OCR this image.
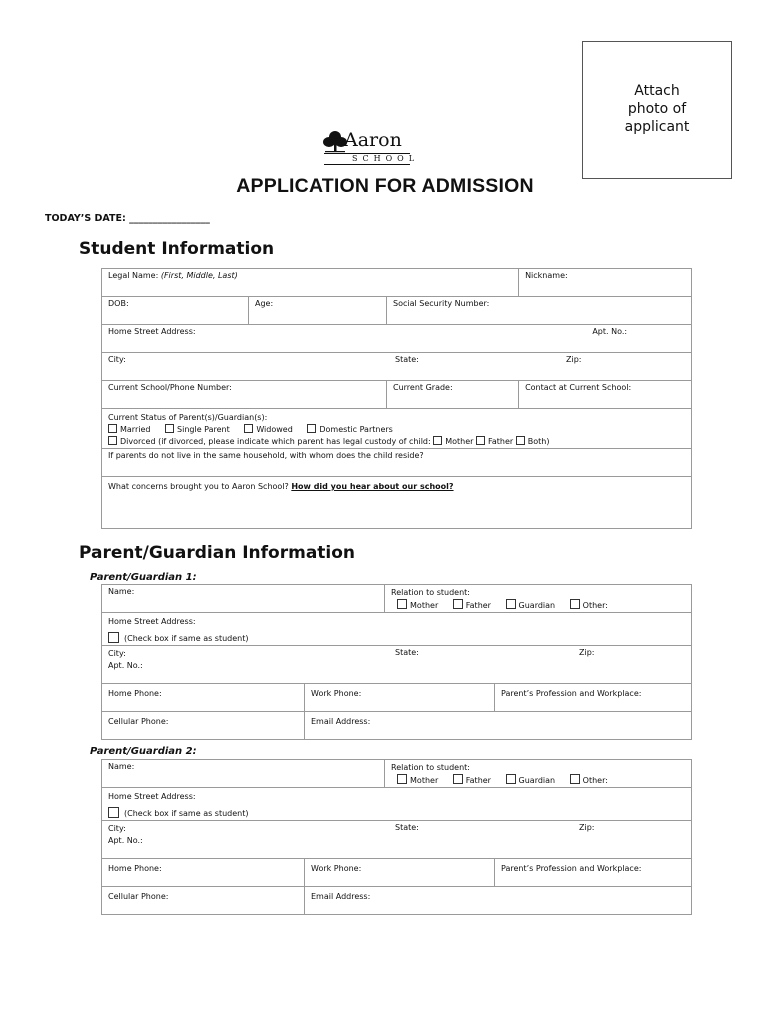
Attach
photo of
applicant
Aaron
SCHOOL
APPLICATION FOR ADMISSION
TODAY’S DATE: _________________
Student Information
Legal Name: (First, Middle, Last)			Nickname:
DOB:	Age:	Social Security Number:	
Home Street Address: Apt. No.:			

City: State: Zip:			

Current School/Phone Number:		Current Grade:	Contact at Current School:

Current Status of Parent(s)/Guardian(s):
Married Single Parent Widowed Domestic Partners
Divorced (if divorced, please indicate which parent has legal custody of child: Mother Father Both)			

If parents do not live in the same household, with whom does the child reside?			
What concerns brought you to Aaron School? How did you hear about our school?			
Parent/Guardian Information
Parent/Guardian 1:
Name:		Relation to student:
Mother Father Guardian Other:	

Home Street Address:
(Check box if same as student)			

City:
Apt. No.:
State: Zip:			

Home Phone:	Work Phone:		Parent’s Profession and Workplace:
Cellular Phone:	Email Address:		
Parent/Guardian 2:
Name:		Relation to student:
Mother Father Guardian Other:	

Home Street Address:
(Check box if same as student)			

City:
Apt. No.:
State: Zip:			

Home Phone:	Work Phone:		Parent’s Profession and Workplace:
Cellular Phone:	Email Address:		
